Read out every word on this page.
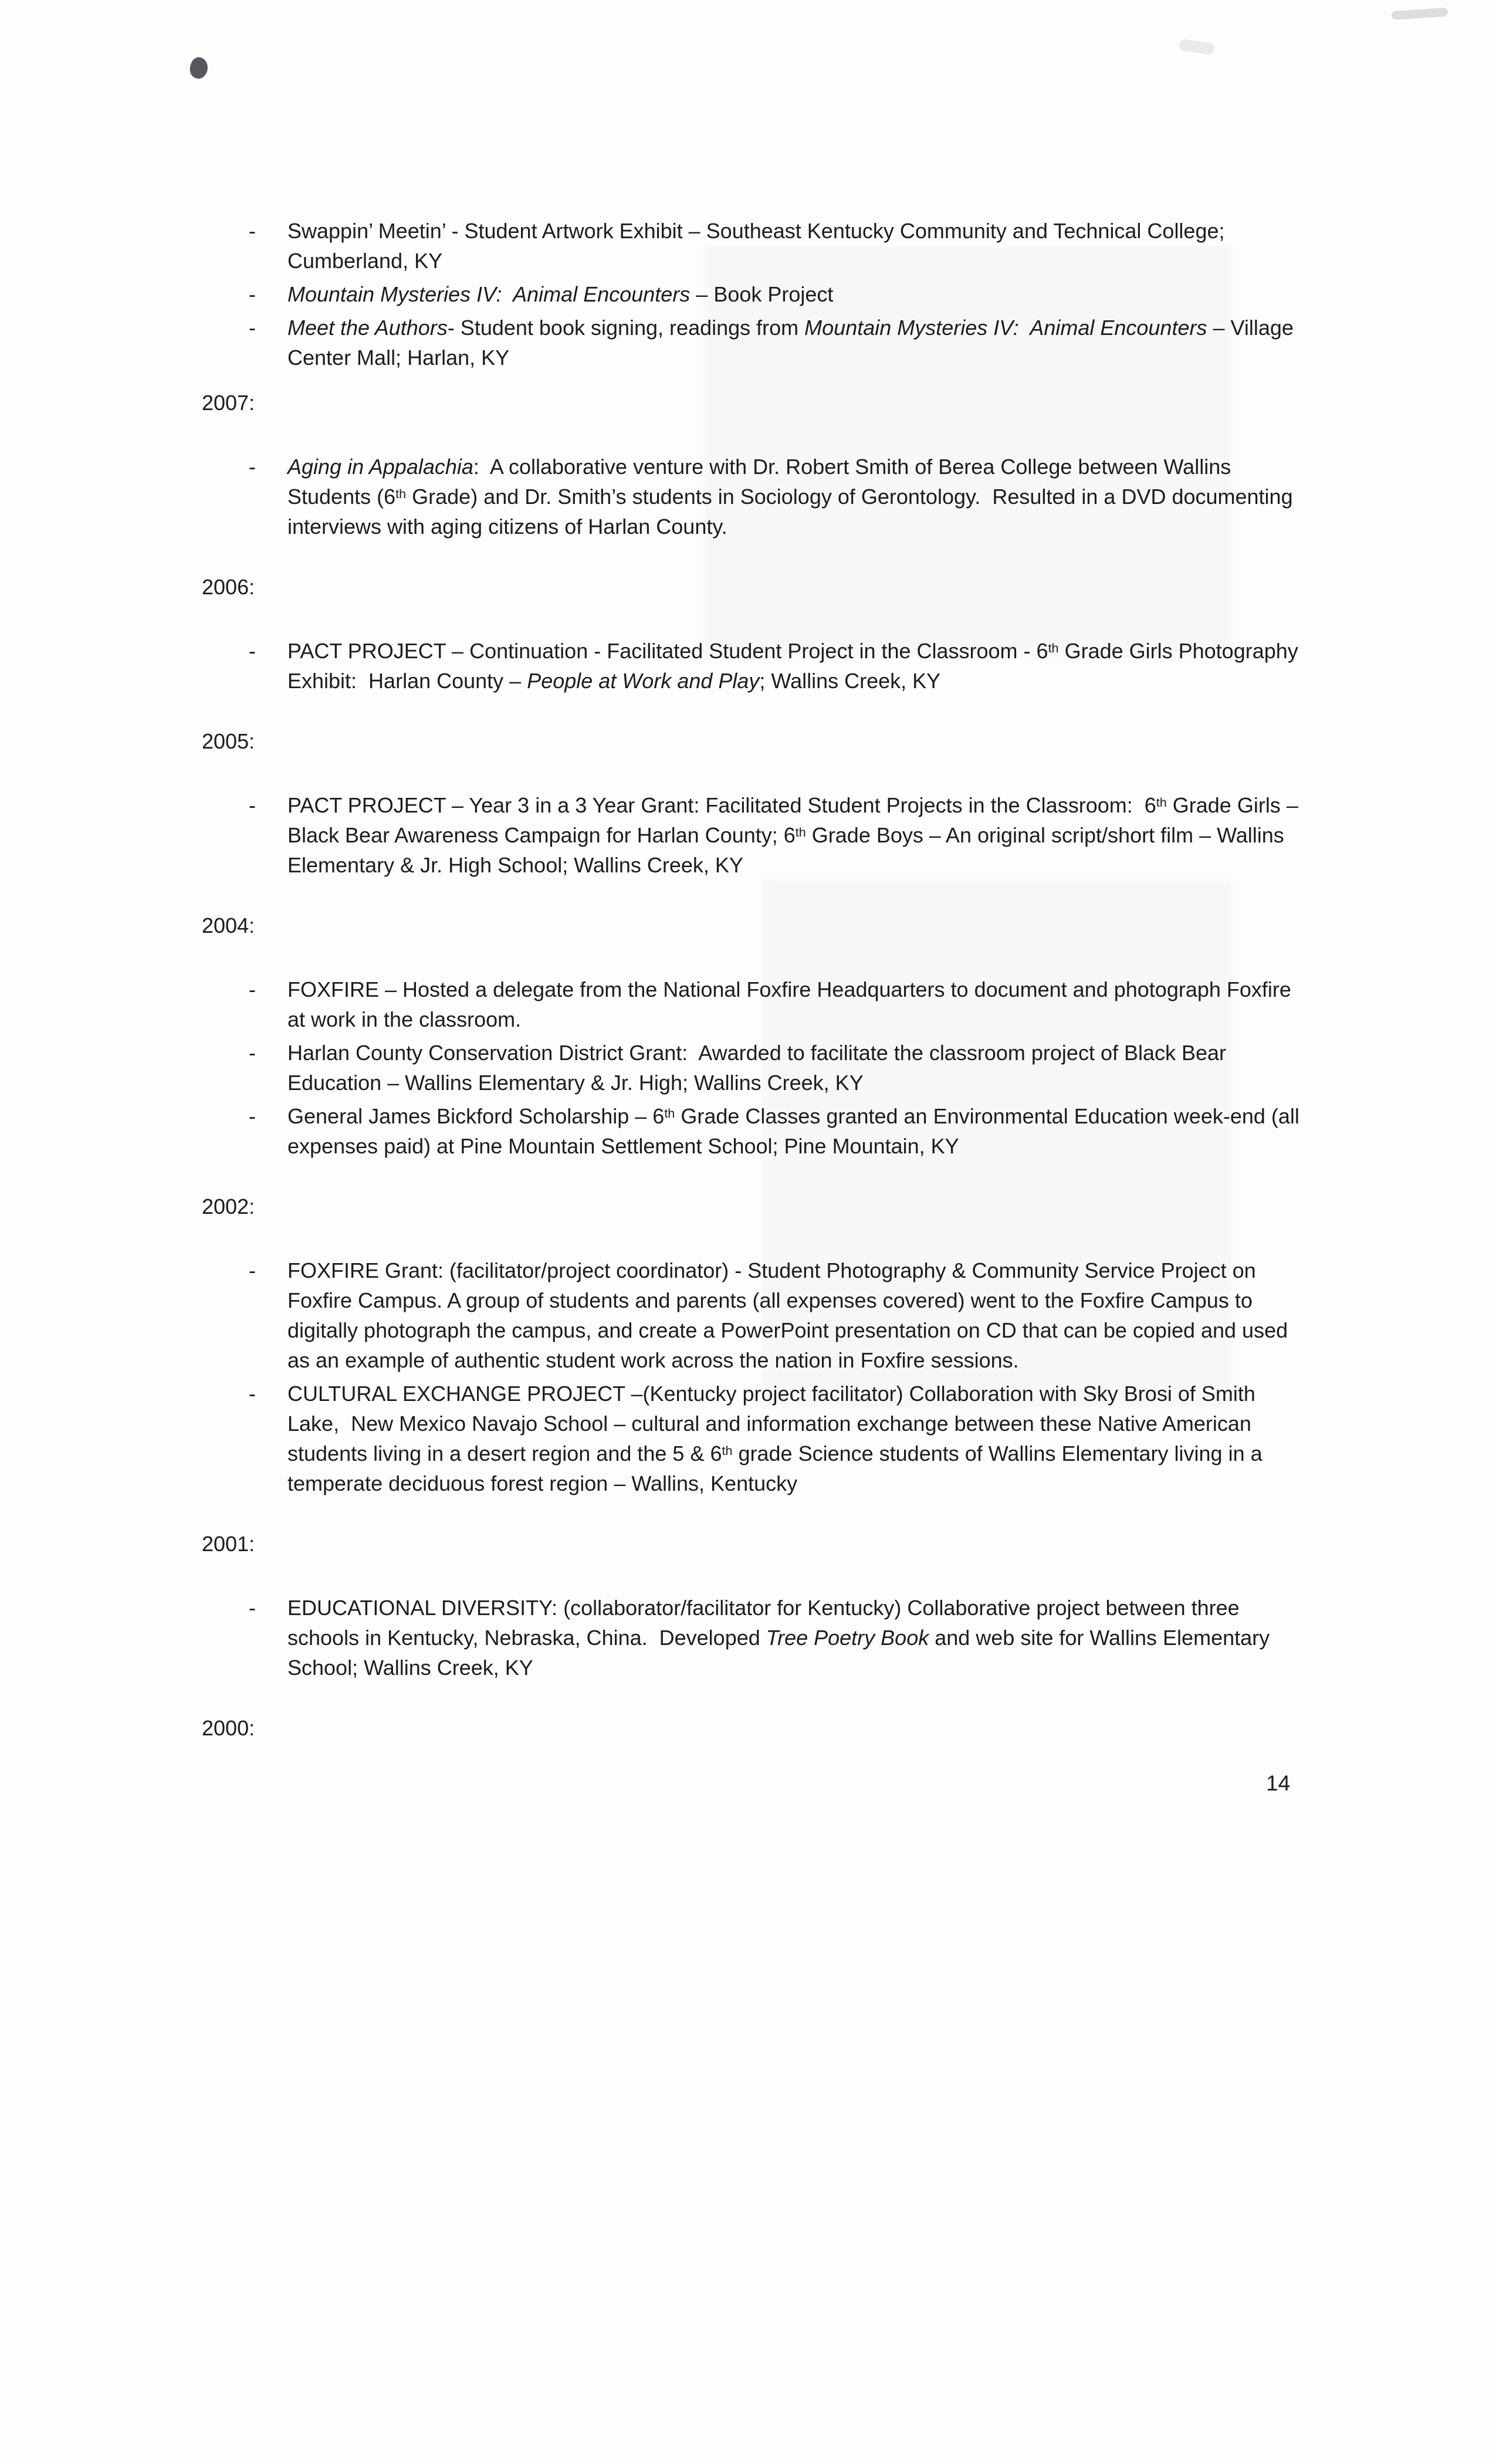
-	Swappin’ Meetin’ - Student Artwork Exhibit – Southeast Kentucky Community and Technical College; Cumberland, KY
-	Mountain Mysteries IV:  Animal Encounters – Book Project
-	Meet the Authors- Student book signing, readings from Mountain Mysteries IV:  Animal Encounters – Village Center Mall; Harlan, KY
2007:
-	Aging in Appalachia:  A collaborative venture with Dr. Robert Smith of Berea College between Wallins Students (6th Grade) and Dr. Smith’s students in Sociology of Gerontology.  Resulted in a DVD documenting interviews with aging citizens of Harlan County.
2006:
-	PACT PROJECT – Continuation - Facilitated Student Project in the Classroom - 6th Grade Girls Photography Exhibit:  Harlan County – People at Work and Play; Wallins Creek, KY
2005:
-	PACT PROJECT – Year 3 in a 3 Year Grant: Facilitated Student Projects in the Classroom:  6th Grade Girls – Black Bear Awareness Campaign for Harlan County; 6th Grade Boys – An original script/short film – Wallins Elementary & Jr. High School; Wallins Creek, KY
2004:
-	FOXFIRE – Hosted a delegate from the National Foxfire Headquarters to document and photograph Foxfire at work in the classroom.
-	Harlan County Conservation District Grant:  Awarded to facilitate the classroom project of Black Bear Education – Wallins Elementary & Jr. High; Wallins Creek, KY
-	General James Bickford Scholarship – 6th Grade Classes granted an Environmental Education week-end (all expenses paid) at Pine Mountain Settlement School; Pine Mountain, KY
2002:
-	FOXFIRE Grant: (facilitator/project coordinator) - Student Photography & Community Service Project on Foxfire Campus. A group of students and parents (all expenses covered) went to the Foxfire Campus to digitally photograph the campus, and create a PowerPoint presentation on CD that can be copied and used as an example of authentic student work across the nation in Foxfire sessions.
-	CULTURAL EXCHANGE PROJECT –(Kentucky project facilitator) Collaboration with Sky Brosi of Smith Lake,  New Mexico Navajo School – cultural and information exchange between these Native American students living in a desert region and the 5 & 6th grade Science students of Wallins Elementary living in a temperate deciduous forest region – Wallins, Kentucky
2001:
-	EDUCATIONAL DIVERSITY: (collaborator/facilitator for Kentucky) Collaborative project between three schools in Kentucky, Nebraska, China.  Developed Tree Poetry Book and web site for Wallins Elementary School; Wallins Creek, KY
2000:
14
